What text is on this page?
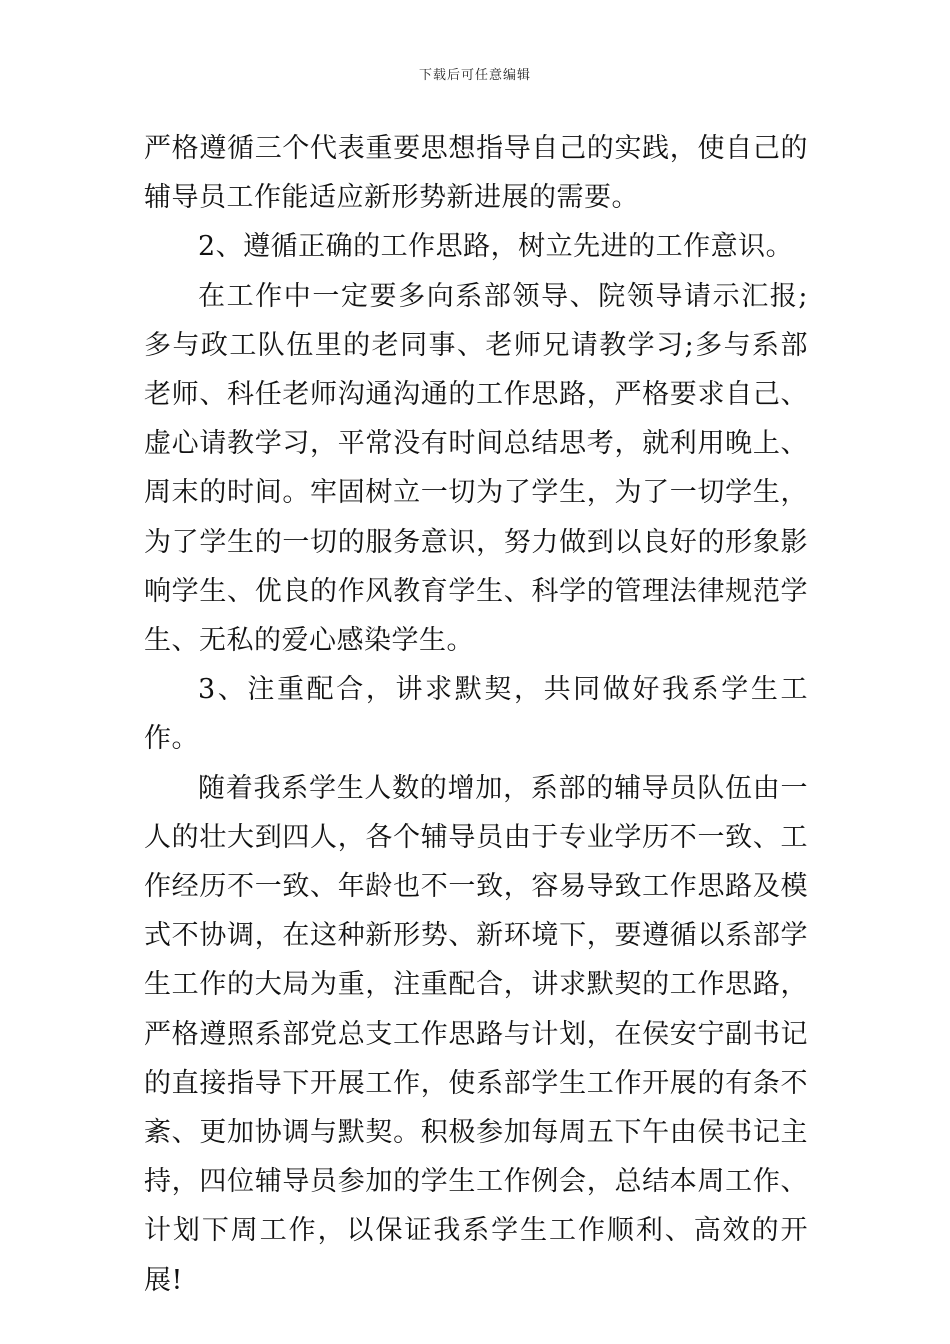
下载后可任意编辑

严格遵循三个代表重要思想指导自己的实践，使自己的辅导员工作能适应新形势新进展的需要。

2、遵循正确的工作思路，树立先进的工作意识。

在工作中一定要多向系部领导、院领导请示汇报;多与政工队伍里的老同事、老师兄请教学习;多与系部老师、科任老师沟通沟通的工作思路，严格要求自己、虚心请教学习，平常没有时间总结思考，就利用晚上、周末的时间。牢固树立一切为了学生，为了一切学生，为了学生的一切的服务意识，努力做到以良好的形象影响学生、优良的作风教育学生、科学的管理法律规范学生、无私的爱心感染学生。

3、注重配合，讲求默契，共同做好我系学生工作。

随着我系学生人数的增加，系部的辅导员队伍由一人的壮大到四人，各个辅导员由于专业学历不一致、工作经历不一致、年龄也不一致，容易导致工作思路及模式不协调，在这种新形势、新环境下，要遵循以系部学生工作的大局为重，注重配合，讲求默契的工作思路，严格遵照系部党总支工作思路与计划，在侯安宁副书记的直接指导下开展工作，使系部学生工作开展的有条不紊、更加协调与默契。积极参加每周五下午由侯书记主持，四位辅导员参加的学生工作例会，总结本周工作、计划下周工作，以保证我系学生工作顺利、高效的开展!
